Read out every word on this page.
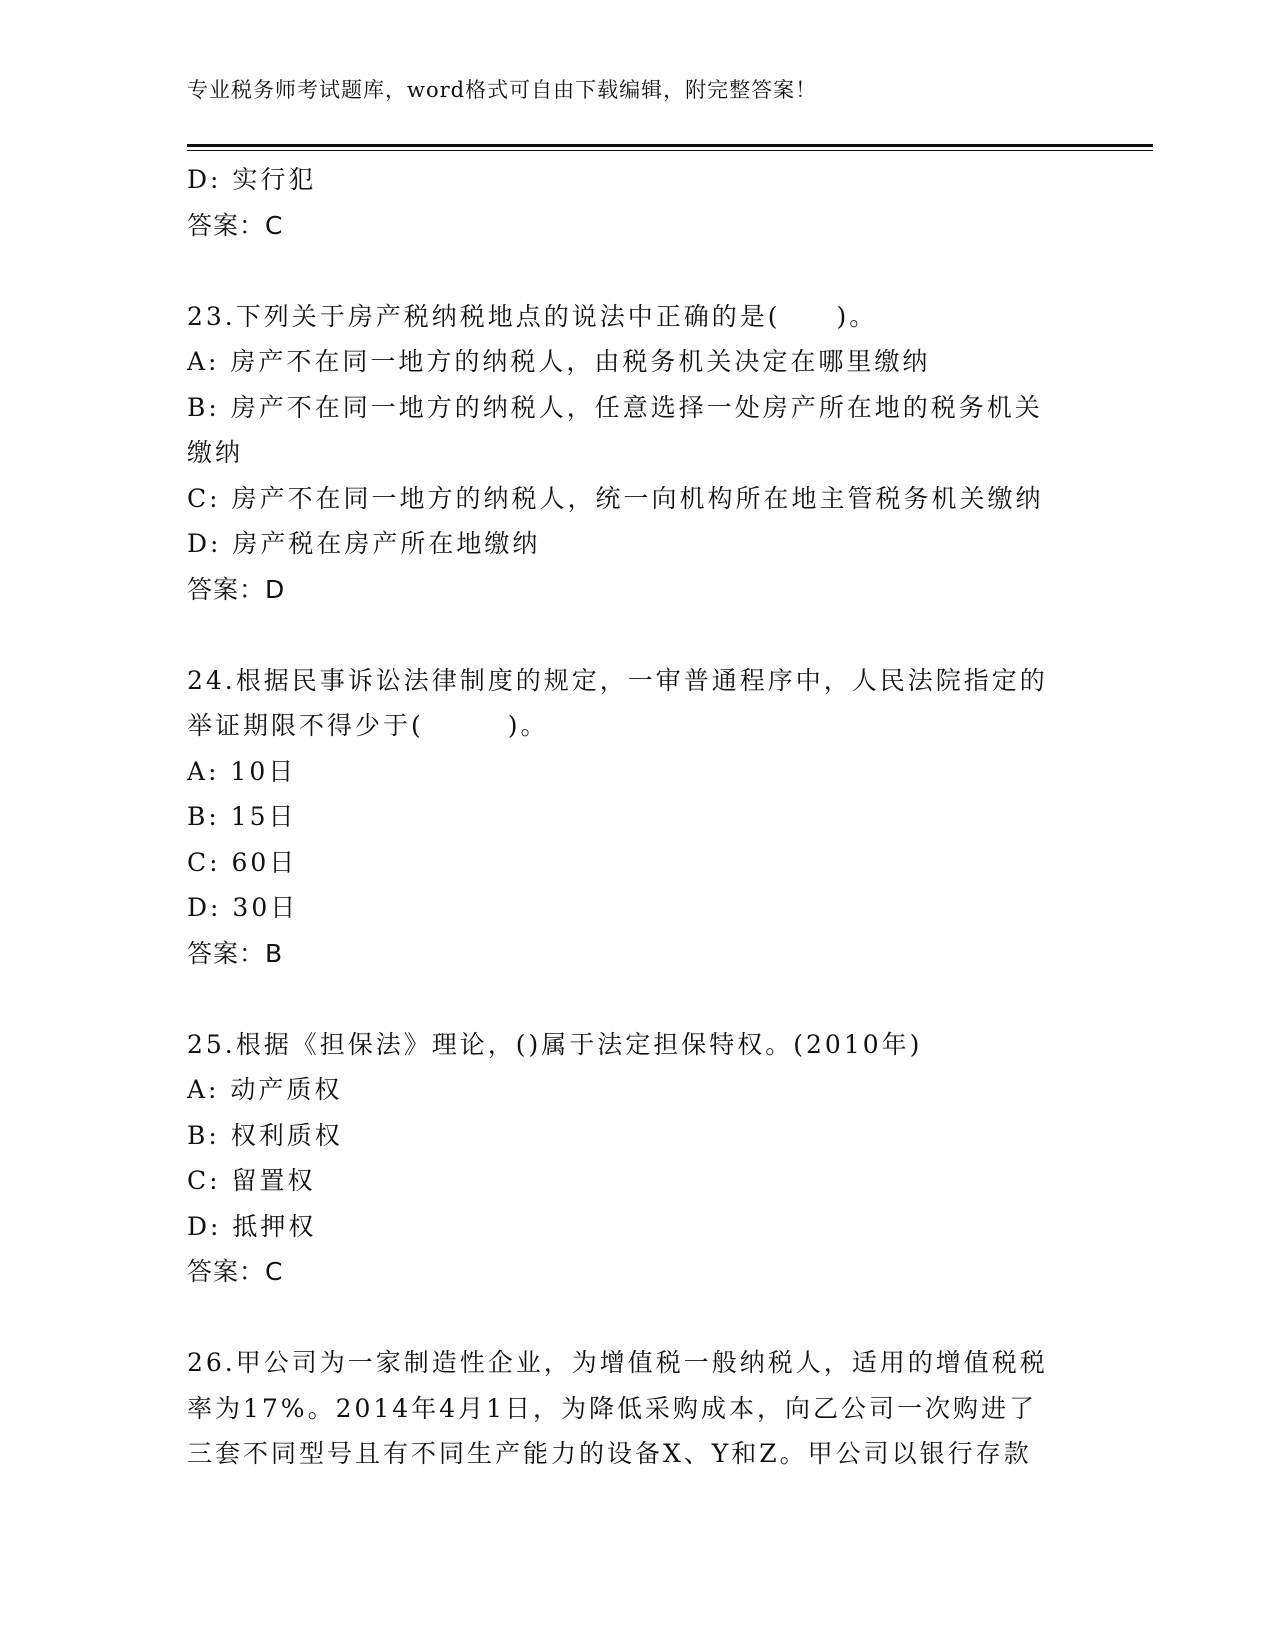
专业税务师考试题库，word格式可自由下载编辑，附完整答案！
D: 实行犯
答案：C
23.下列关于房产税纳税地点的说法中正确的是(　　)。
A: 房产不在同一地方的纳税人，由税务机关决定在哪里缴纳
B: 房产不在同一地方的纳税人，任意选择一处房产所在地的税务机关
缴纳
C: 房产不在同一地方的纳税人，统一向机构所在地主管税务机关缴纳
D: 房产税在房产所在地缴纳
答案：D
24.根据民事诉讼法律制度的规定，一审普通程序中，人民法院指定的
举证期限不得少于(　　　)。
A: 10日
B: 15日
C: 60日
D: 30日
答案：B
25.根据《担保法》理论，()属于法定担保特权。(2010年)
A: 动产质权
B: 权利质权
C: 留置权
D: 抵押权
答案：C
26.甲公司为一家制造性企业，为增值税一般纳税人，适用的增值税税
率为17%。2014年4月1日，为降低采购成本，向乙公司一次购进了
三套不同型号且有不同生产能力的设备X、Y和Z。甲公司以银行存款
